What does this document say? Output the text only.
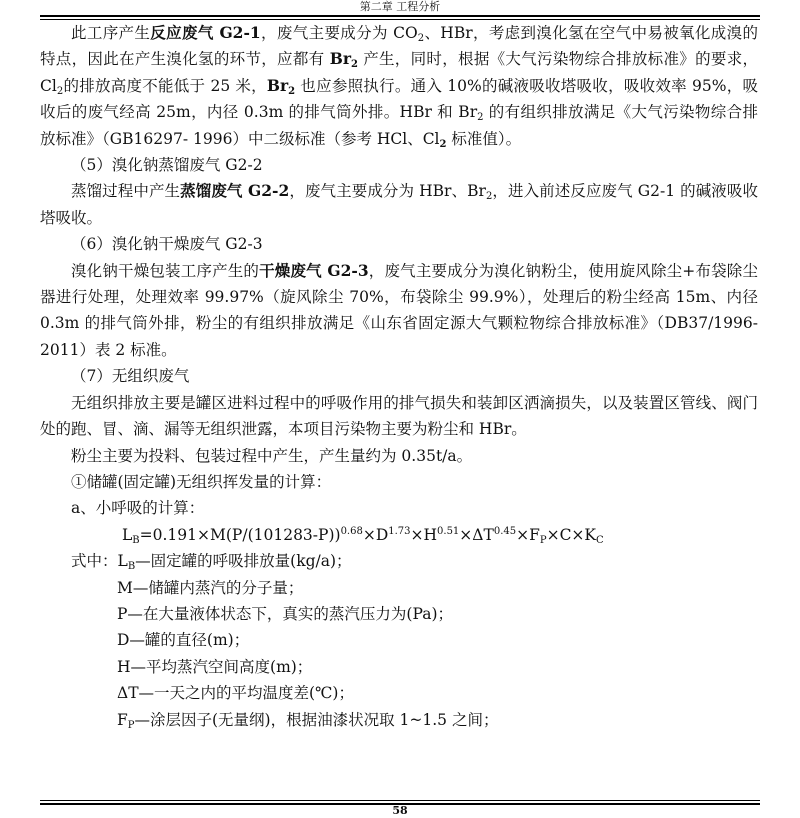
第二章 工程分析

此工序产生反应废气 G2-1，废气主要成分为 $CO_2$、HBr，考虑到溴化氢在空气中易被氧化成溴的特点，因此在产生溴化氢的环节，应都有 $Br_2$ 产生，同时，根据《大气污染物综合排放标准》的要求，$Cl_2$的排放高度不能低于 25 米，$Br_2$ 也应参照执行。通入 10%的碱液吸收塔吸收，吸收效率 95%，吸收后的废气经高 25m，内径 0.3m 的排气筒外排。HBr 和 $Br_2$ 的有组织排放满足《大气污染物综合排放标准》（GB16297- 1996）中二级标准（参考 HCl、$Cl_2$ 标准值）。

（5）溴化钠蒸馏废气 G2-2

蒸馏过程中产生蒸馏废气 G2-2，废气主要成分为 HBr、$Br_2$，进入前述反应废气 G2-1 的碱液吸收塔吸收。

（6）溴化钠干燥废气 G2-3

溴化钠干燥包装工序产生的干燥废气 G2-3，废气主要成分为溴化钠粉尘，使用旋风除尘+布袋除尘器进行处理，处理效率 99.97%（旋风除尘 70%，布袋除尘 99.9%），处理后的粉尘经高 15m、内径 0.3m 的排气筒外排，粉尘的有组织排放满足《山东省固定源大气颗粒物综合排放标准》（DB37/1996-2011）表 2 标准。

（7）无组织废气

无组织排放主要是罐区进料过程中的呼吸作用的排气损失和装卸区洒滴损失，以及装置区管线、阀门处的跑、冒、滴、漏等无组织泄露，本项目污染物主要为粉尘和 HBr。

粉尘主要为投料、包装过程中产生，产生量约为 0.35t/a。

①储罐(固定罐)无组织挥发量的计算：

a、小呼吸的计算：

$L_B=0.191\times M(P/(101283-P))^{0.68}\times D^{1.73}\times H^{0.51}\times\Delta T^{0.45}\times F_P\times C\times K_C$

式中：$L_B—$固定罐的呼吸排放量(kg/a)；

M—储罐内蒸汽的分子量；

P—在大量液体状态下，真实的蒸汽压力为(Pa)；

D—罐的直径(m)；

H—平均蒸汽空间高度(m)；

ΔT—一天之内的平均温度差(℃)；

$F_P—$涂层因子(无量纲)，根据油漆状况取 1~1.5 之间；

58
